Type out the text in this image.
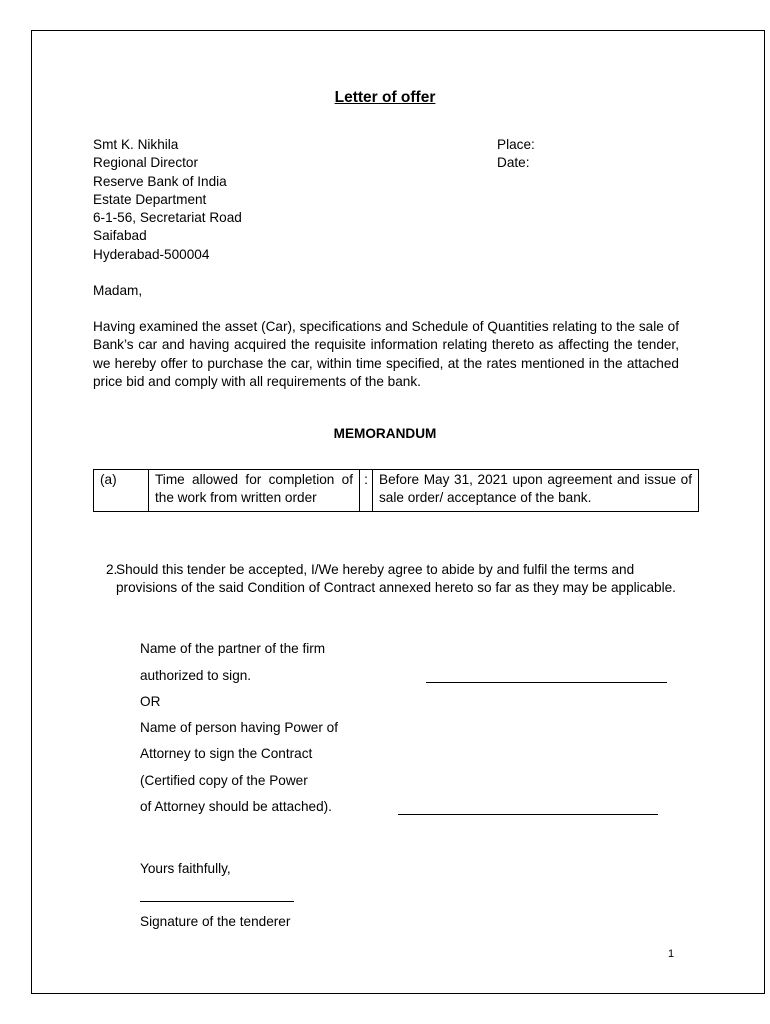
Letter of offer
Smt K. Nikhila
Regional Director
Reserve Bank of India
Estate Department
6-1-56, Secretariat Road
Saifabad
Hyderabad-500004
Place:
Date:
Madam,
Having examined the asset (Car), specifications and Schedule of Quantities relating to the sale of Bank’s car and having acquired the requisite information relating thereto as affecting the tender, we hereby offer to purchase the car, within time specified, at the rates mentioned in the attached price bid and comply with all requirements of the bank.
MEMORANDUM
(a)	Time allowed for completion of the work from written order	:	Before May 31, 2021 upon agreement and issue of sale order/ acceptance of the bank.
2.
Should this tender be accepted, I/We hereby agree to abide by and fulfil the terms and provisions of the said Condition of Contract annexed hereto so far as they may be applicable.
Name of the partner of the firm
authorized to sign.
OR
Name of person having Power of
Attorney to sign the Contract
(Certified copy of the Power
of Attorney should be attached).
Yours faithfully,
Signature of the tenderer
1
